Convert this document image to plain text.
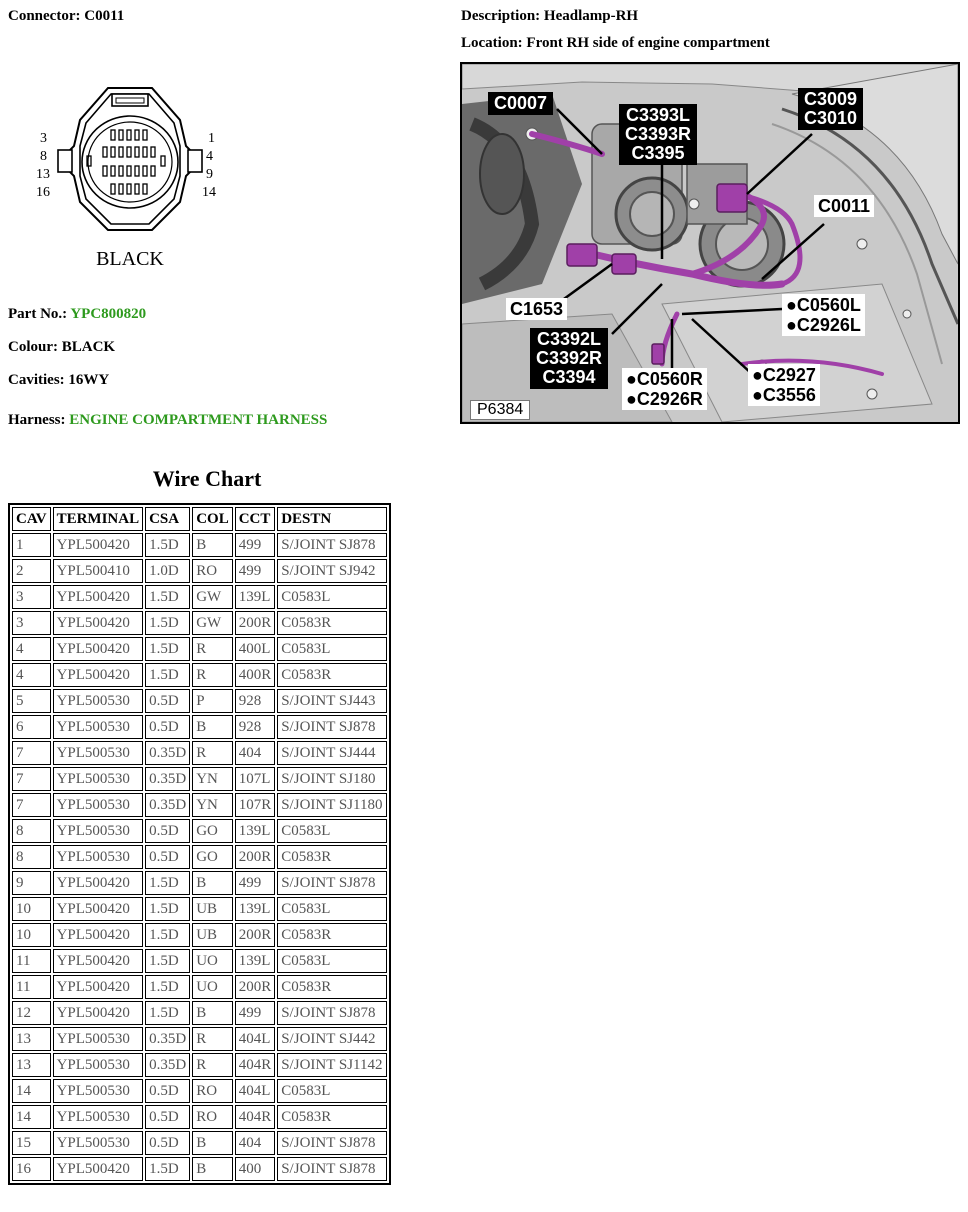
Connector: C0011	Description: Headlamp-RH
Location: Front RH side of engine compartment
3
8
13
16
1
4
9
14
BLACK
Part No.: YPC800820
Colour: BLACK
Cavities: 16WY
Harness: ENGINE COMPARTMENT HARNESS
C0007
C3393L
C3393R
C3395
C3009
C3010
C0011
C1653	●C0560L
●C2926L
C3392L
C3392R
C3394	●C0560R
●C2926R
●C2927
●C3556
P6384
Wire Chart
CAV	TERMINAL	CSA	COL	CCT	DESTN
1	YPL500420	1.5D	B	499	S/JOINT SJ878
2	YPL500410	1.0D	RO	499	S/JOINT SJ942
3	YPL500420	1.5D	GW	139L	C0583L
3	YPL500420	1.5D	GW	200R	C0583R
4	YPL500420	1.5D	R	400L	C0583L
4	YPL500420	1.5D	R	400R	C0583R
5	YPL500530	0.5D	P	928	S/JOINT SJ443
6	YPL500530	0.5D	B	928	S/JOINT SJ878
7	YPL500530	0.35D	R	404	S/JOINT SJ444
7	YPL500530	0.35D	YN	107L	S/JOINT SJ180
7	YPL500530	0.35D	YN	107R	S/JOINT SJ1180
8	YPL500530	0.5D	GO	139L	C0583L
8	YPL500530	0.5D	GO	200R	C0583R
9	YPL500420	1.5D	B	499	S/JOINT SJ878
10	YPL500420	1.5D	UB	139L	C0583L
10	YPL500420	1.5D	UB	200R	C0583R
11	YPL500420	1.5D	UO	139L	C0583L
11	YPL500420	1.5D	UO	200R	C0583R
12	YPL500420	1.5D	B	499	S/JOINT SJ878
13	YPL500530	0.35D	R	404L	S/JOINT SJ442
13	YPL500530	0.35D	R	404R	S/JOINT SJ1142
14	YPL500530	0.5D	RO	404L	C0583L
14	YPL500530	0.5D	RO	404R	C0583R
15	YPL500530	0.5D	B	404	S/JOINT SJ878
16	YPL500420	1.5D	B	400	S/JOINT SJ878
